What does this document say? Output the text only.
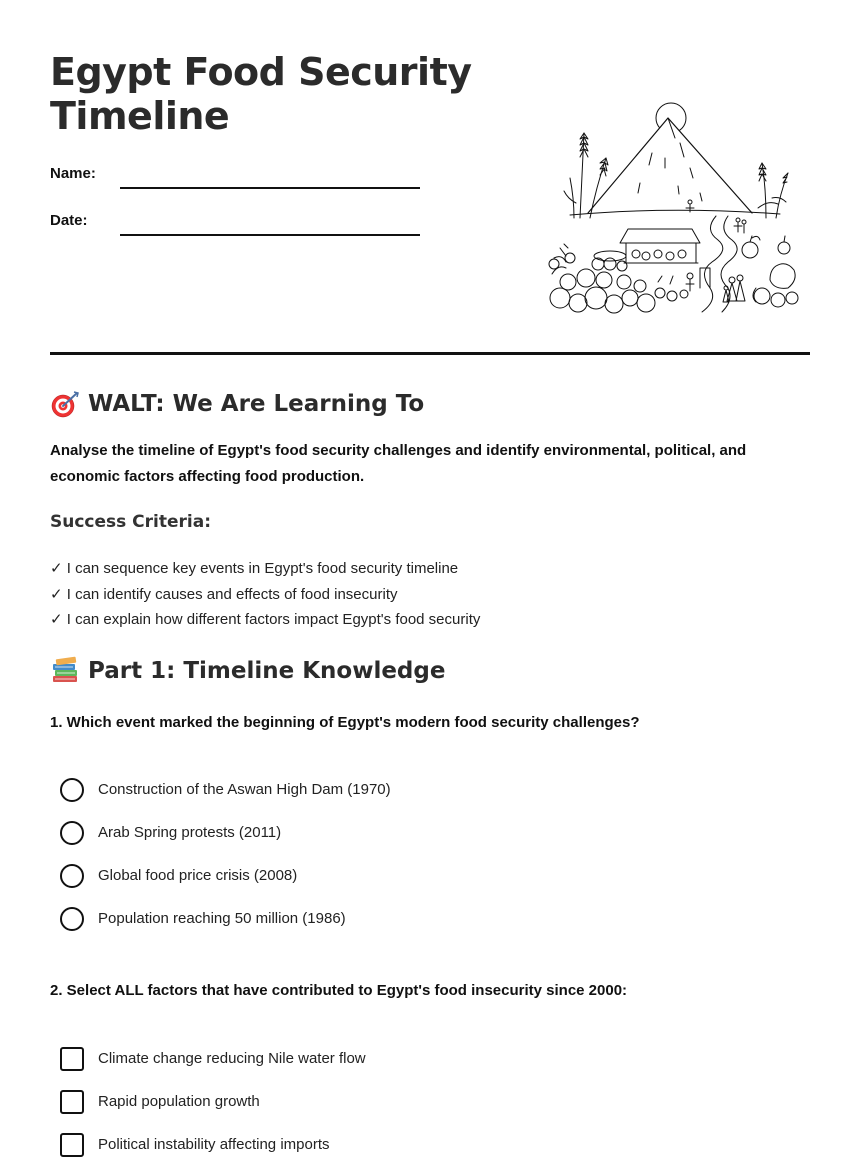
Egypt Food Security Timeline
Name:
Date:
WALT: We Are Learning To

Analyse the timeline of Egypt's food security challenges and identify environmental, political, and economic factors affecting food production.

Success Criteria:
✓ I can sequence key events in Egypt's food security timeline
✓ I can identify causes and effects of food insecurity
✓ I can explain how different factors impact Egypt's food security
Part 1: Timeline Knowledge

1. Which event marked the beginning of Egypt's modern food security challenges?

Construction of the Aswan High Dam (1970)
Arab Spring protests (2011)
Global food price crisis (2008)
Population reaching 50 million (1986)

2. Select ALL factors that have contributed to Egypt's food insecurity since 2000:

Climate change reducing Nile water flow
Rapid population growth
Political instability affecting imports
